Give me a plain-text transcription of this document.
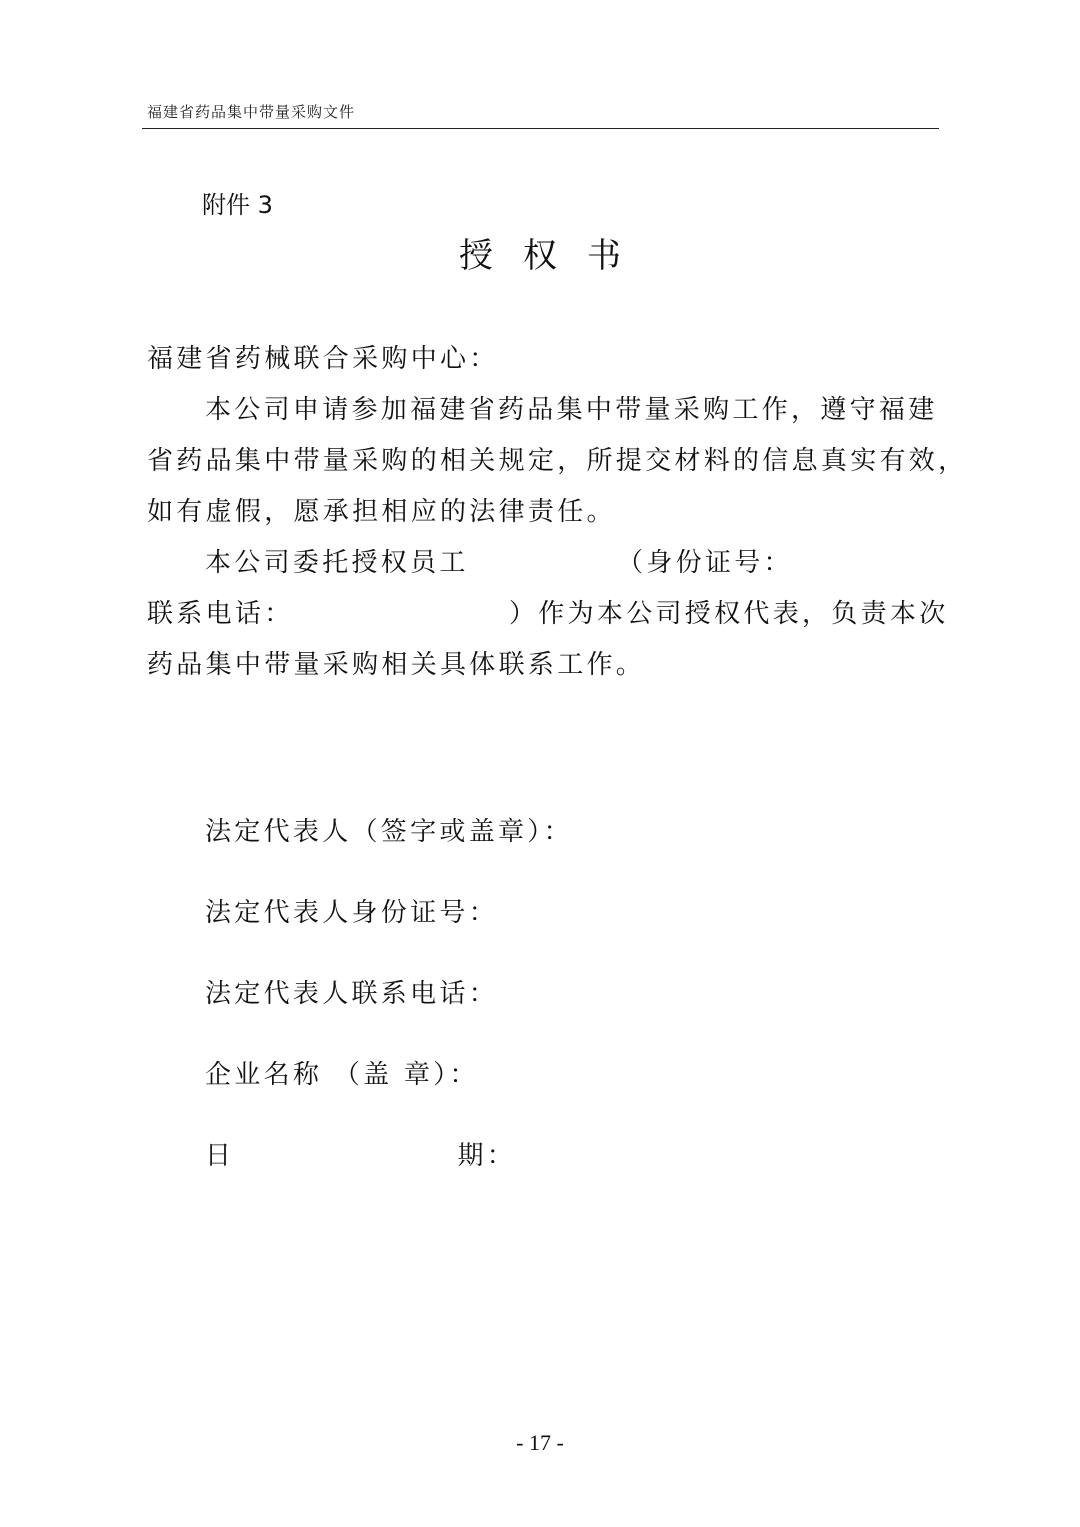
福建省药品集中带量采购文件
附件 3
授权书
福建省药械联合采购中心：
本公司申请参加福建省药品集中带量采购工作，遵守福建
省药品集中带量采购的相关规定，所提交材料的信息真实有效，
如有虚假，愿承担相应的法律责任。
本公司委托授权员工	（身份证号：
联系电话：	）作为本公司授权代表，负责本次
药品集中带量采购相关具体联系工作。
法定代表人（签字或盖章）：
法定代表人身份证号：
法定代表人联系电话：
企业名称 （盖 章）：
日	期：
- 17 -
